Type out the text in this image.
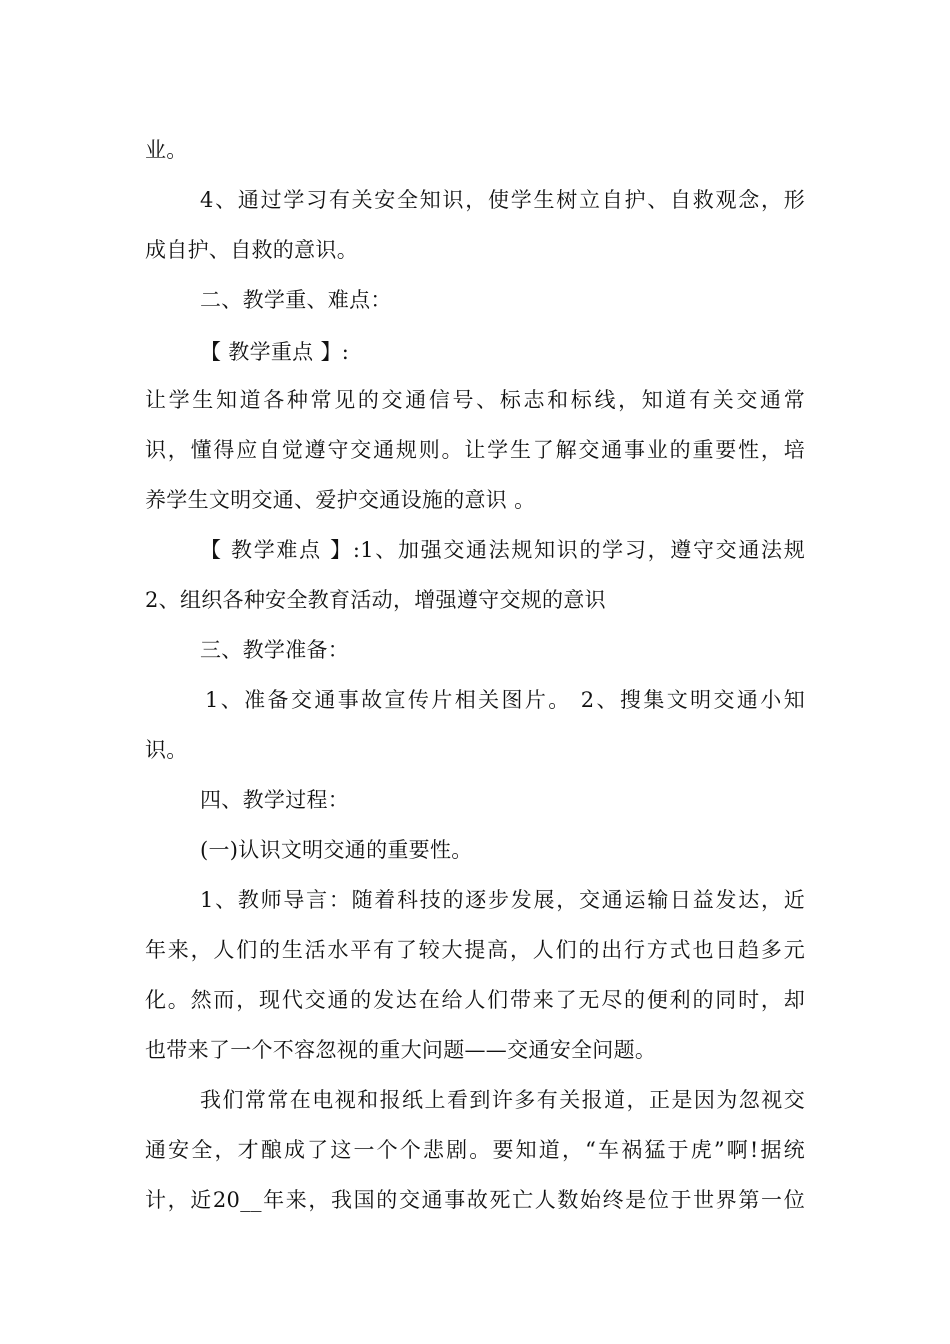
业。
4、通过学习有关安全知识，使学生树立自护、自救观念，形
成自护、自救的意识。
二、教学重、难点：
【 教学重点 】:
让学生知道各种常见的交通信号、标志和标线，知道有关交通常
识，懂得应自觉遵守交通规则。让学生了解交通事业的重要性，培
养学生文明交通、爱护交通设施的意识 。
【 教学难点 】:1、加强交通法规知识的学习，遵守交通法规
2、组织各种安全教育活动，增强遵守交规的意识
三、教学准备：
1、准备交通事故宣传片相关图片。 2、搜集文明交通小知
识。
四、教学过程：
(一)认识文明交通的重要性。
1、教师导言：随着科技的逐步发展，交通运输日益发达，近
年来，人们的生活水平有了较大提高，人们的出行方式也日趋多元
化。然而，现代交通的发达在给人们带来了无尽的便利的同时，却
也带来了一个不容忽视的重大问题——交通安全问题。
我们常常在电视和报纸上看到许多有关报道，正是因为忽视交
通安全，才酿成了这一个个悲剧。要知道，“车祸猛于虎”啊!据统
计，近20__年来，我国的交通事故死亡人数始终是位于世界第一位
